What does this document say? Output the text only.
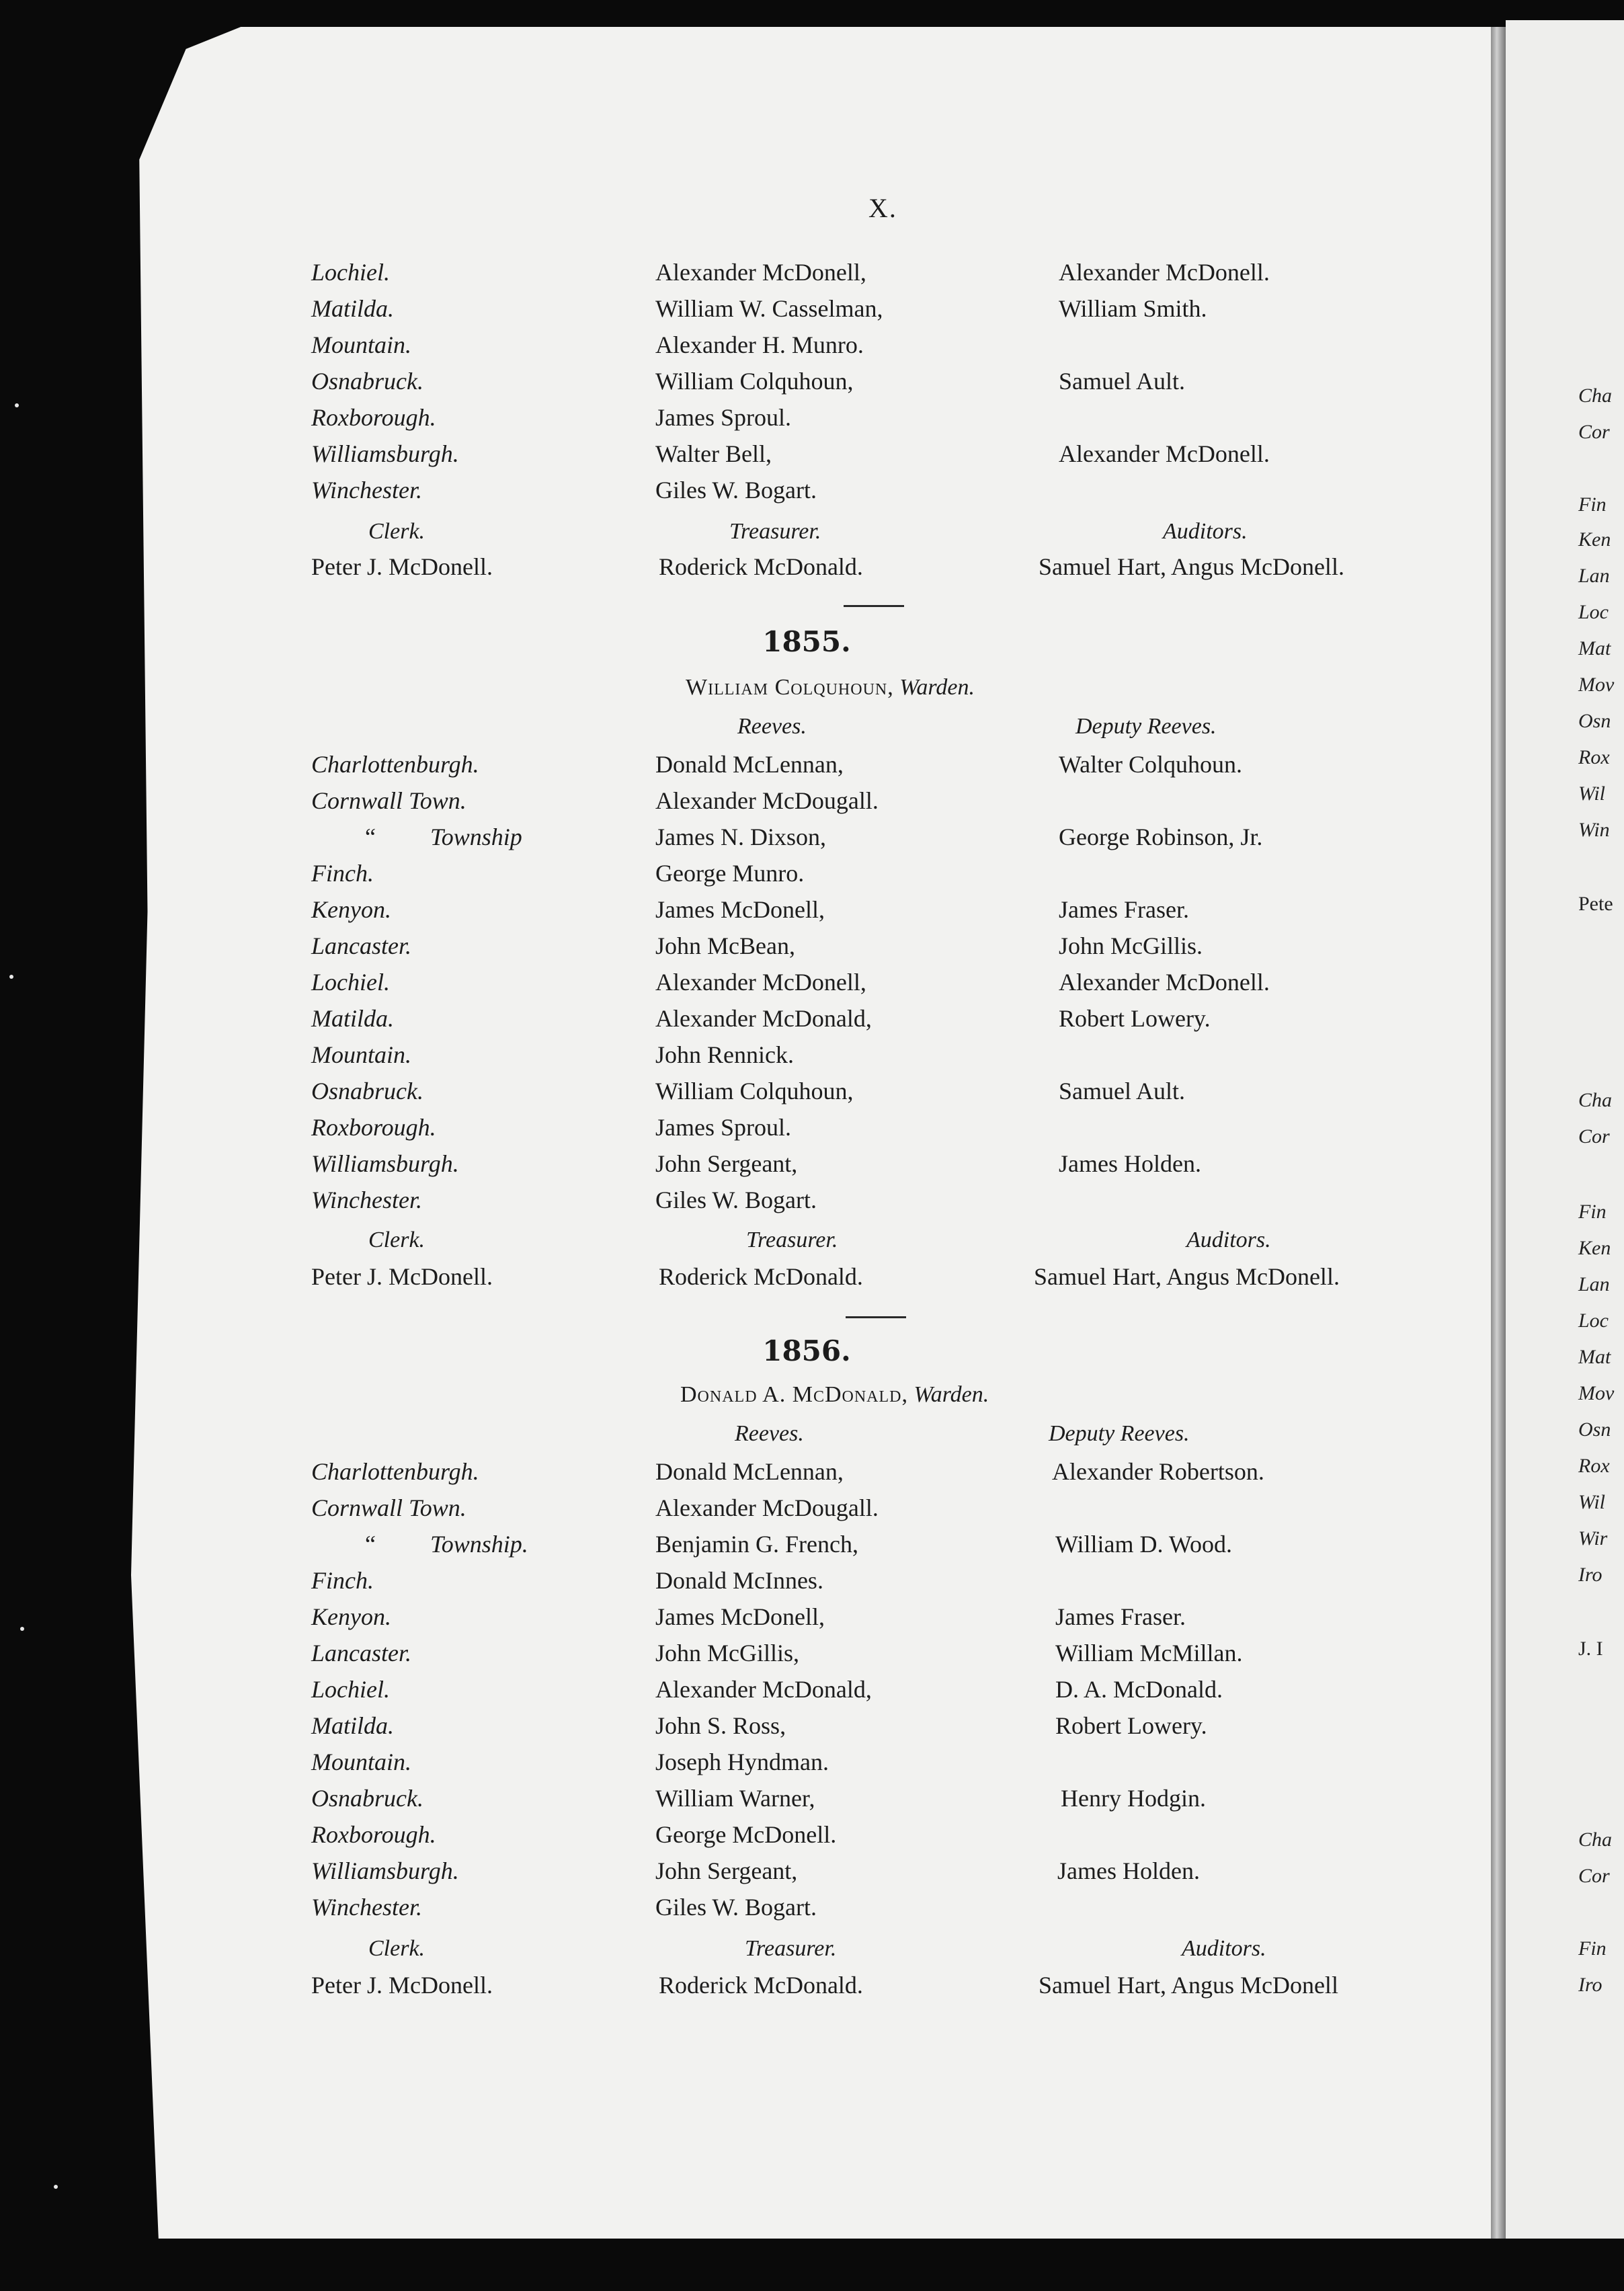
X.
Lochiel.	Alexander McDonell,	Alexander McDonell.
Matilda.	William W. Casselman,	William Smith.
Mountain.	Alexander H. Munro.
Osnabruck.	William Colquhoun,	Samuel Ault.
Roxborough.	James Sproul.
Williamsburgh.	Walter Bell,	Alexander McDonell.
Winchester.	Giles W. Bogart.
Clerk.	Treasurer.	Auditors.
Peter J. McDonell.	Roderick McDonald.	Samuel Hart, Angus McDonell.
1855.
William Colquhoun, Warden.
Reeves.	Deputy Reeves.
Charlottenburgh.	Donald McLennan,	Walter Colquhoun.
Cornwall Town.	Alexander McDougall.
“ Township	James N. Dixson,	George Robinson, Jr.
Finch.	George Munro.
Kenyon.	James McDonell,	James Fraser.
Lancaster.	John McBean,	John McGillis.
Lochiel.	Alexander McDonell,	Alexander McDonell.
Matilda.	Alexander McDonald,	Robert Lowery.
Mountain.	John Rennick.
Osnabruck.	William Colquhoun,	Samuel Ault.
Roxborough.	James Sproul.
Williamsburgh.	John Sergeant,	James Holden.
Winchester.	Giles W. Bogart.
Clerk.	Treasurer.	Auditors.
Peter J. McDonell.	Roderick McDonald.	Samuel Hart, Angus McDonell.
1856.
Donald A. McDonald, Warden.
Reeves.	Deputy Reeves.
Charlottenburgh.	Donald McLennan,	Alexander Robertson.
Cornwall Town.	Alexander McDougall.
“ Township.	Benjamin G. French,	William D. Wood.
Finch.	Donald McInnes.
Kenyon.	James McDonell,	James Fraser.
Lancaster.	John McGillis,	William McMillan.
Lochiel.	Alexander McDonald,	D. A. McDonald.
Matilda.	John S. Ross,	Robert Lowery.
Mountain.	Joseph Hyndman.
Osnabruck.	William Warner,	Henry Hodgin.
Roxborough.	George McDonell.
Williamsburgh.	John Sergeant,	James Holden.
Winchester.	Giles W. Bogart.
Clerk.	Treasurer.	Auditors.
Peter J. McDonell.	Roderick McDonald.	Samuel Hart, Angus McDonell
Cha
Cor
Fin
Ken
Lan
Loc
Mat
Mov
Osn
Rox
Wil
Win
Pete
Cha
Cor
Fin
Ken
Lan
Loc
Mat
Mov
Osn
Rox
Wil
Wir
Iro
J. I
Cha
Cor
Fin
Iro
